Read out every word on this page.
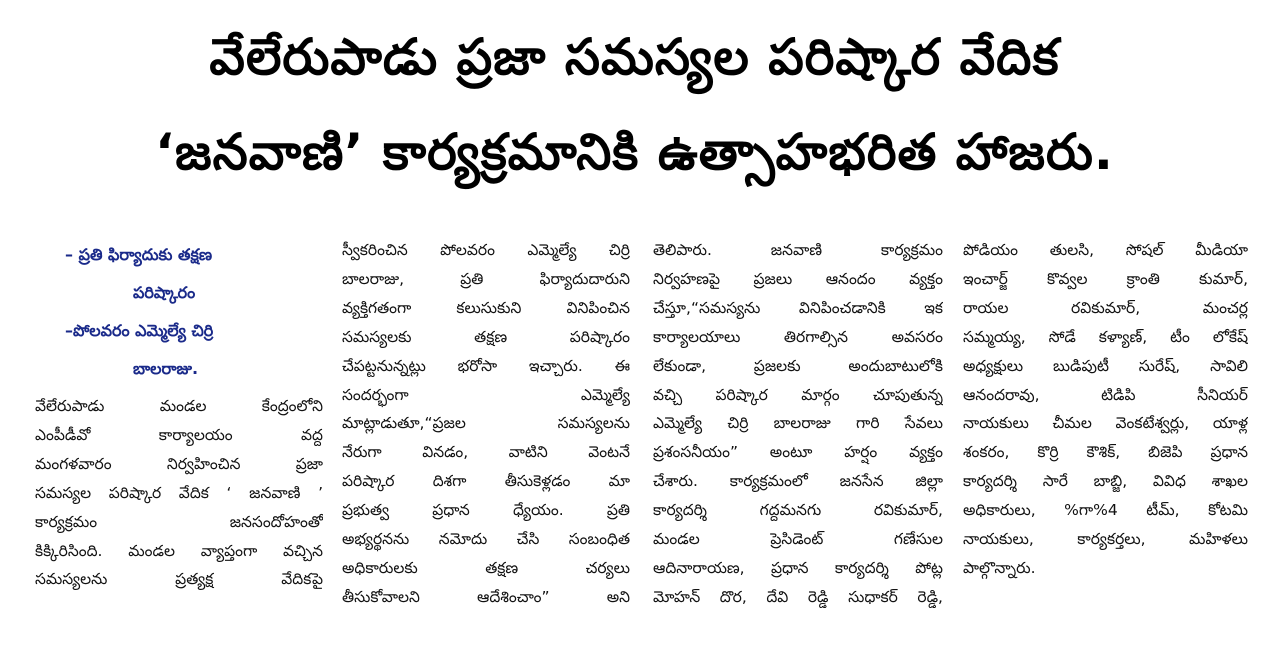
వేలేరుపాడు ప్రజా సమస్యల పరిష్కార వేదిక
‘జనవాణి’ కార్యక్రమానికి ఉత్సాహభరిత హాజరు.

– ప్రతి ఫిర్యాదుకు తక్షణ

పరిష్కారం

–పోలవరం ఎమ్మెల్యే చిర్రి

బాలరాజు.

వేలేరుపాడు మండల కేంద్రంలోని

ఎంపీడీవో కార్యాలయం వద్ద

మంగళవారం నిర్వహించిన ప్రజా

సమస్యల పరిష్కార వేదిక ‘ జనవాణి ’

కార్యక్రమం జనసందోహంతో

కిక్కిరిసింది. మండల వ్యాప్తంగా వచ్చిన

సమస్యలను ప్రత్యక్ష వేదికపై

స్వీకరించిన పోలవరం ఎమ్మెల్యే చిర్రి

బాలరాజు, ప్రతి ఫిర్యాదుదారుని

వ్యక్తిగతంగా కలుసుకుని వినిపించిన

సమస్యలకు తక్షణ పరిష్కారం

చేపట్టనున్నట్లు భరోసా ఇచ్చారు. ఈ

సందర్భంగా ఎమ్మెల్యే

మాట్లాడుతూ,“ప్రజల సమస్యలను

నేరుగా వినడం, వాటిని వెంటనే

పరిష్కార దిశగా తీసుకెళ్లడం మా

ప్రభుత్వ ప్రధాన ధ్యేయం. ప్రతి

అభ్యర్థనను నమోదు చేసి సంబంధిత

అధికారులకు తక్షణ చర్యలు

తీసుకోవాలని ఆదేశించాం” అని

తెలిపారు. జనవాణి కార్యక్రమం

నిర్వహణపై ప్రజలు ఆనందం వ్యక్తం

చేస్తూ,“సమస్యను వినిపించడానికి ఇక

కార్యాలయాలు తిరగాల్సిన అవసరం

లేకుండా, ప్రజలకు అందుబాటులోకి

వచ్చి పరిష్కార మార్గం చూపుతున్న

ఎమ్మెల్యే చిర్రి బాలరాజు గారి సేవలు

ప్రశంసనీయం” అంటూ హర్షం వ్యక్తం

చేశారు. కార్యక్రమంలో జనసేన జిల్లా

కార్యదర్శి గద్దమనగు రవికుమార్,

మండల ప్రెసిడెంట్ గణేసుల

ఆదినారాయణ, ప్రధాన కార్యదర్శి పోట్ల

మోహన్ దొర, దేవి రెడ్డి సుధాకర్ రెడ్డి,

పోడియం తులసి, సోషల్ మీడియా

ఇంచార్జ్ కొవ్వల క్రాంతి కుమార్,

రాయల రవికుమార్, మంచర్ల

సమ్మయ్య, సోడే కళ్యాణ్, టీం లోకేష్

అధ్యక్షులు బుడిపుటీ సురేష్, సావిలి

ఆనందరావు, టిడిపి సీనియర్

నాయకులు చీమల వెంకటేశ్వర్లు, యాళ్ల

శంకరం, కొర్రి కౌశిక్, బిజెపి ప్రధాన

కార్యదర్శి సారే బాబ్జి, వివిధ శాఖల

అధికారులు, %గా%4 టీమ్, కోటమి

నాయకులు, కార్యకర్తలు, మహిళలు

పాల్గొన్నారు.
